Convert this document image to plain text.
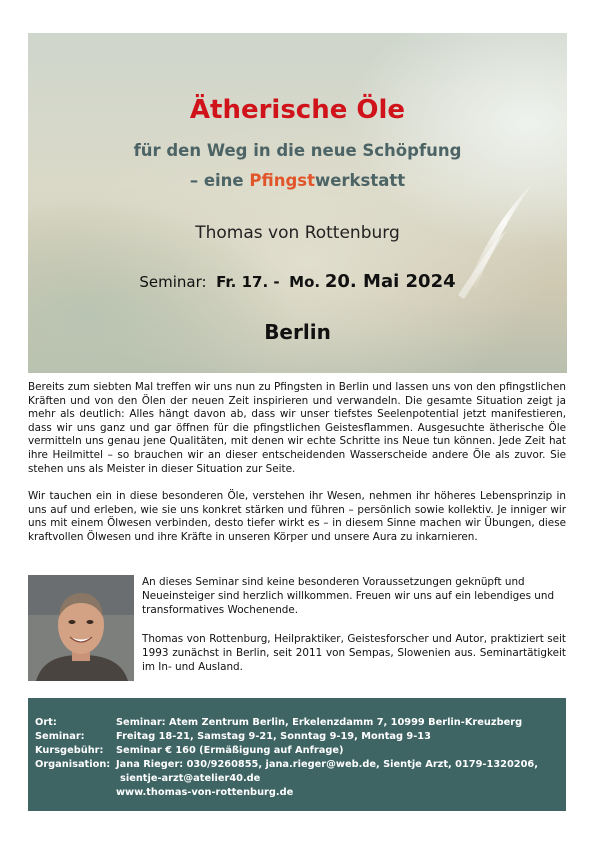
Ätherische Öle
für den Weg in die neue Schöpfung
– eine Pfingstwerkstatt
Thomas von Rottenburg
Seminar: Fr. 17. - Mo. 20. Mai 2024
Berlin

Bereits zum siebten Mal treffen wir uns nun zu Pfingsten in Berlin und lassen uns von den pfingstlichen Kräften und von den Ölen der neuen Zeit inspirieren und verwandeln. Die gesamte Situation zeigt ja mehr als deutlich: Alles hängt davon ab, dass wir unser tiefstes Seelenpotential jetzt manifestieren, dass wir uns ganz und gar öffnen für die pfingstlichen Geistesflammen. Ausgesuchte ätherische Öle vermitteln uns genau jene Qualitäten, mit denen wir echte Schritte ins Neue tun können. Jede Zeit hat ihre Heilmittel – so brauchen wir an dieser entscheidenden Wasserscheide andere Öle als zuvor. Sie stehen uns als Meister in dieser Situation zur Seite.

Wir tauchen ein in diese besonderen Öle, verstehen ihr Wesen, nehmen ihr höheres Lebensprinzip in uns auf und erleben, wie sie uns konkret stärken und führen – persönlich sowie kollektiv. Je inniger wir uns mit einem Ölwesen verbinden, desto tiefer wirkt es – in diesem Sinne machen wir Übungen, diese kraftvollen Ölwesen und ihre Kräfte in unseren Körper und unsere Aura zu inkarnieren.

An dieses Seminar sind keine besonderen Voraussetzungen geknüpft und Neueinsteiger sind herzlich willkommen. Freuen wir uns auf ein lebendiges und transformatives Wochenende.

Thomas von Rottenburg, Heilpraktiker, Geistesforscher und Autor, praktiziert seit 1993 zunächst in Berlin, seit 2011 von Sempas, Slowenien aus. Seminartätigkeit im In- und Ausland.

Ort:	Seminar: Atem Zentrum Berlin, Erkelenzdamm 7, 10999 Berlin-Kreuzberg
Seminar:	Freitag 18-21, Samstag 9-21, Sonntag 9-19, Montag 9-13
Kursgebühr: Seminar € 160 (Ermäßigung auf Anfrage)
Organisation: Jana Rieger: 030/9260855, jana.rieger@web.de, Sientje Arzt, 0179-1320206,
sientje-arzt@atelier40.de
www.thomas-von-rottenburg.de
